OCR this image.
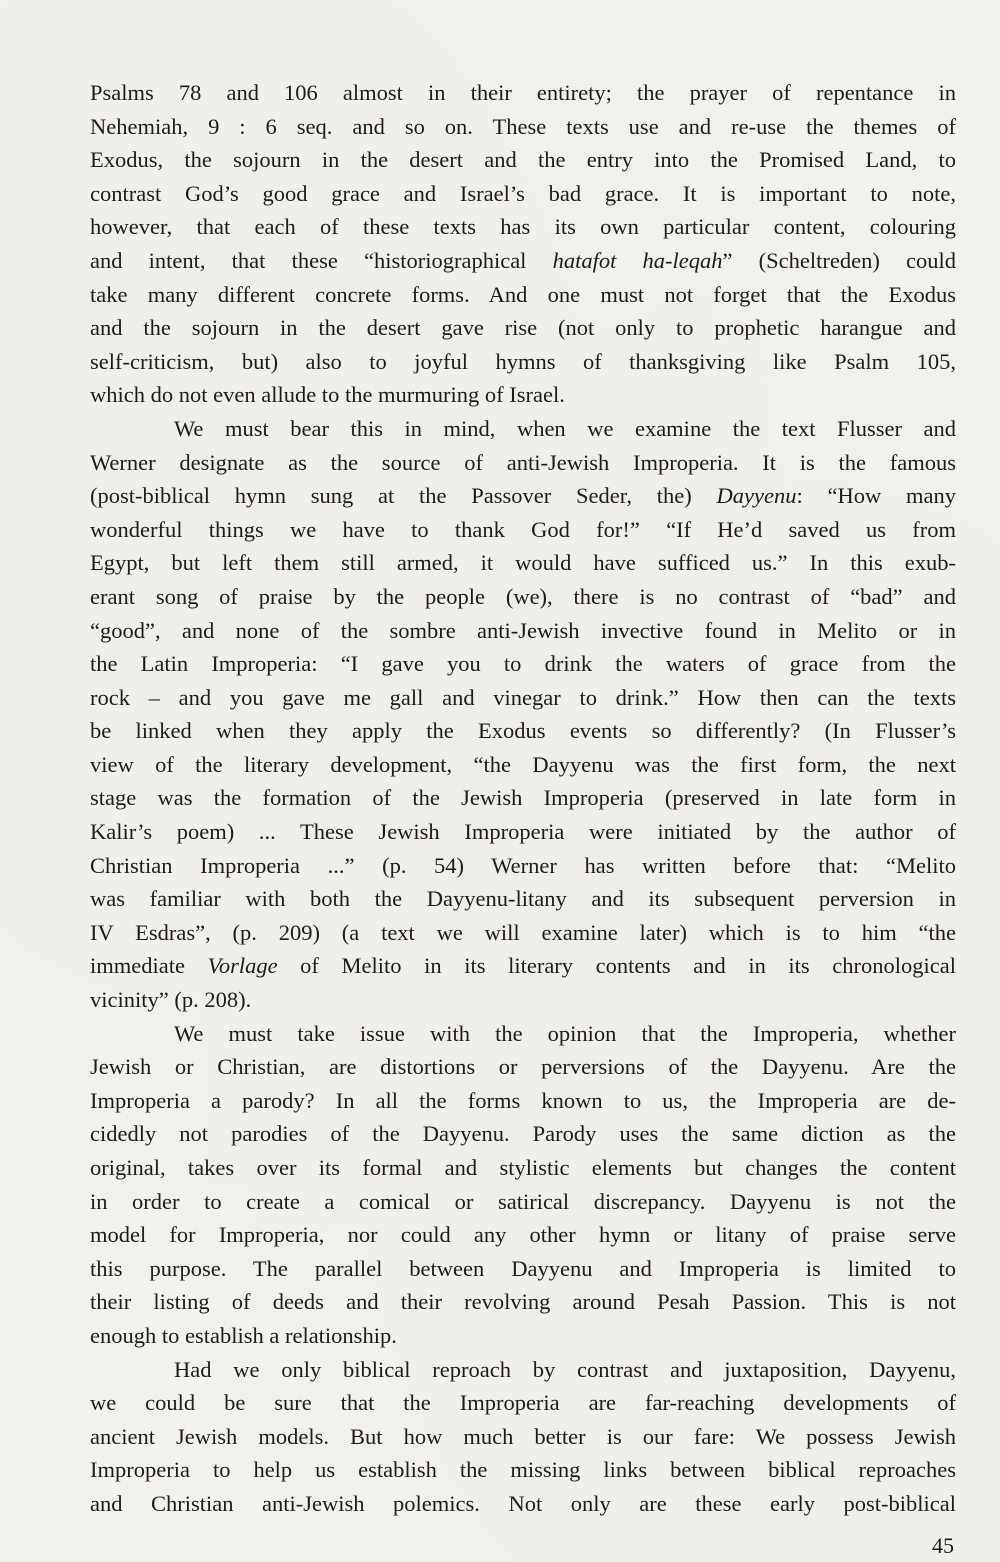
Psalms 78 and 106 almost in their entirety; the prayer of repentance in
Nehemiah, 9 : 6 seq. and so on. These texts use and re-use the themes of
Exodus, the sojourn in the desert and the entry into the Promised Land, to
contrast God’s good grace and Israel’s bad grace. It is important to note,
however, that each of these texts has its own particular content, colouring
and intent, that these “historiographical hatafot ha-leqah” (Scheltreden) could
take many different concrete forms. And one must not forget that the Exodus
and the sojourn in the desert gave rise (not only to prophetic harangue and
self-criticism, but) also to joyful hymns of thanksgiving like Psalm 105,
which do not even allude to the murmuring of Israel.
We must bear this in mind, when we examine the text Flusser and
Werner designate as the source of anti-Jewish Improperia. It is the famous
(post-biblical hymn sung at the Passover Seder, the) Dayyenu: “How many
wonderful things we have to thank God for!” “If He’d saved us from
Egypt, but left them still armed, it would have sufficed us.” In this exub-
erant song of praise by the people (we), there is no contrast of “bad” and
“good”, and none of the sombre anti-Jewish invective found in Melito or in
the Latin Improperia: “I gave you to drink the waters of grace from the
rock – and you gave me gall and vinegar to drink.” How then can the texts
be linked when they apply the Exodus events so differently? (In Flusser’s
view of the literary development, “the Dayyenu was the first form, the next
stage was the formation of the Jewish Improperia (preserved in late form in
Kalir’s poem) ... These Jewish Improperia were initiated by the author of
Christian Improperia ...” (p. 54) Werner has written before that: “Melito
was familiar with both the Dayyenu-litany and its subsequent perversion in
IV Esdras”, (p. 209) (a text we will examine later) which is to him “the
immediate Vorlage of Melito in its literary contents and in its chronological
vicinity” (p. 208).
We must take issue with the opinion that the Improperia, whether
Jewish or Christian, are distortions or perversions of the Dayyenu. Are the
Improperia a parody? In all the forms known to us, the Improperia are de-
cidedly not parodies of the Dayyenu. Parody uses the same diction as the
original, takes over its formal and stylistic elements but changes the content
in order to create a comical or satirical discrepancy. Dayyenu is not the
model for Improperia, nor could any other hymn or litany of praise serve
this purpose. The parallel between Dayyenu and Improperia is limited to
their listing of deeds and their revolving around Pesah Passion. This is not
enough to establish a relationship.
Had we only biblical reproach by contrast and juxtaposition, Dayyenu,
we could be sure that the Improperia are far-reaching developments of
ancient Jewish models. But how much better is our fare: We possess Jewish
Improperia to help us establish the missing links between biblical reproaches
and Christian anti-Jewish polemics. Not only are these early post-biblical
45
